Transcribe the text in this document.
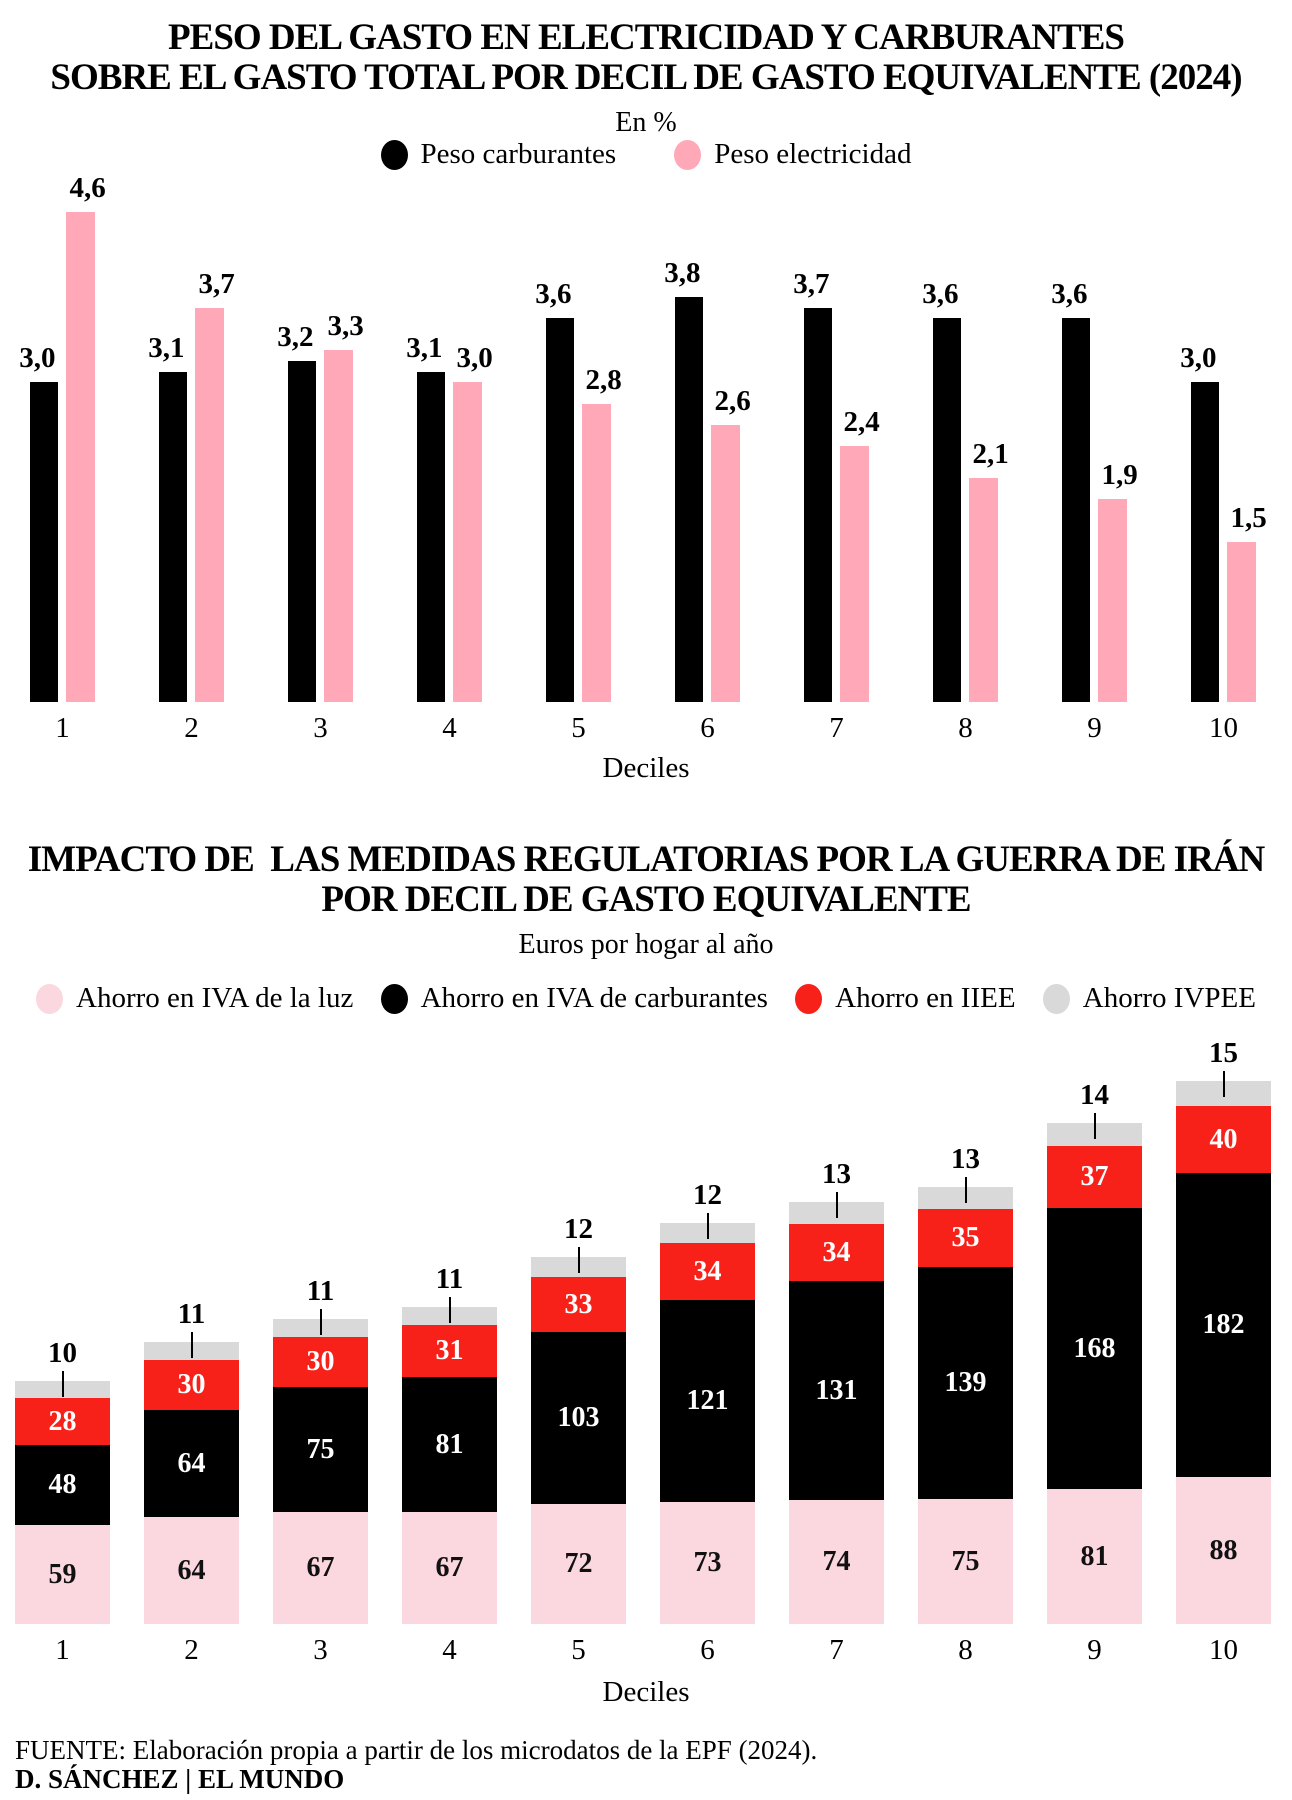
PESO DEL GASTO EN ELECTRICIDAD Y CARBURANTES
SOBRE EL GASTO TOTAL POR DECIL DE GASTO EQUIVALENTE (2024)
En %
Peso carburantes	Peso electricidad
3,0
4,6
3,1
3,7
3,2 3,3
3,1 3,0
3,6
2,8
3,8
2,6
3,7
2,4
3,6
2,1
3,6
1,9
3,0
1,5
1	2	3	4	5	6	7	8	9	10
Deciles
IMPACTO DE  LAS MEDIDAS REGULATORIAS POR LA GUERRA DE IRÁN
POR DECIL DE GASTO EQUIVALENTE
Euros por hogar al año
Ahorro en IVA de la luz Ahorro en IVA de carburantes Ahorro en IIEE Ahorro IVPEE
10
28
48
59
11
30
64
64
11
30
75
67
11
31
81
67
12
33
103
72
12
34
121
73
13
34
131
74
13
35
139
75
14
37
168
81
15
40
182
88
1	2	3	4	5	6	7	8	9	10
Deciles
FUENTE: Elaboración propia a partir de los microdatos de la EPF (2024).
D. SÁNCHEZ | EL MUNDO
